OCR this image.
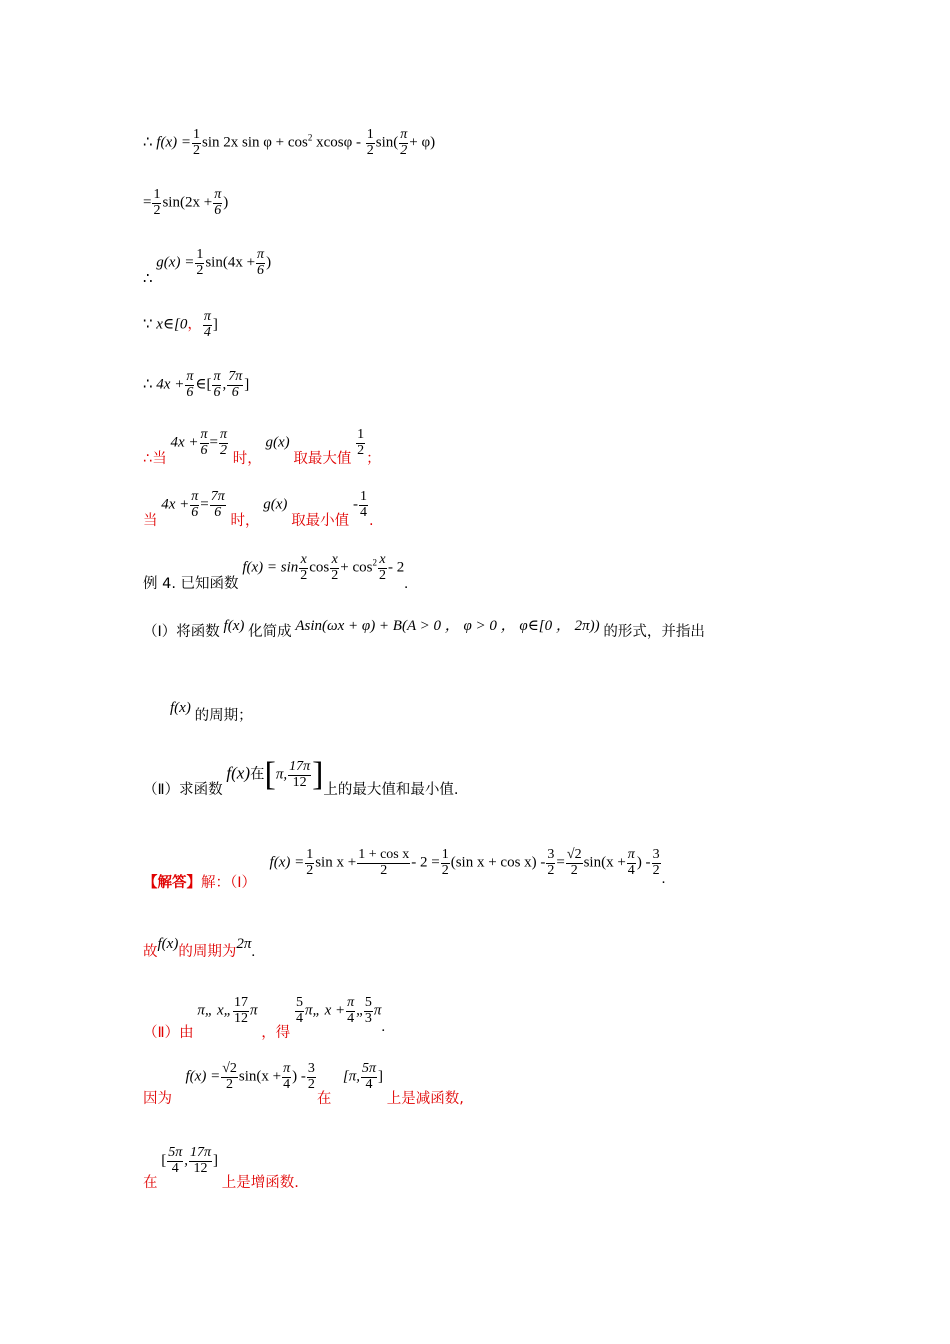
∴ $f(x) = \frac{1}{2}$ sin 2x $\sin \varphi + \cos^2 xcos\varphi - \frac{1}{2} \sin( \frac{\pi}{2} + \varphi)$
= $\frac{1}{2} \sin(2x + \frac{\pi}{6}$ )
∴ $g(x) = \frac{1}{2} \sin(4x + \frac{\pi}{6}$ )
∵ x∈[0， $\frac{\pi}{4}$ ]
∴ $4x + \frac{\pi}{6}$ ∈[ $\frac{\pi}{6}$ , $\frac{7\pi}{6}$ ]
∴当 $4x + \frac{\pi}{6} = \frac{\pi}{2}$
时， g(x) 取最大值
$\frac{1}{2}$
；
当 $4x + \frac{\pi}{6} = \frac{7\pi}{6}$
时， g(x) 取最小值 - $\frac{1}{4}$
.
例 4. 已知函数 $f(x) = \sin \frac{x}{2}$ $\cos \frac{x}{2} + \cos^2 \frac{x}{2} - 2$.
（Ⅰ）将函数 f(x) 化简成 Asin(ωx + φ) + B(A > 0 ， φ > 0 ， φ∈[0 ， 2π)) 的形式，并指出
f(x) 的周期；
（Ⅱ）求函数 f(x)在[π, $\frac{17\pi}{12}$ ]上的最大值和最小值.
【解答】解：（Ⅰ）  $f(x) = \frac{1}{2}$ $\sin x + \frac{\text{1 + cos x}}{2} - 2 = \frac{1}{2} (\sin$ $x + \cos x) - \frac{3}{2} = \frac{√2}{2} \sin(x + \frac{\pi}{4}$ ) - $\frac{3}{2}$
.
故f(x)的周期为2π.
（Ⅱ）由 π„ x„ $\frac{17}{12}$ π ，得
$\frac{5}{4}$ π„ $x + \frac{\pi}{4}$ „ $\frac{5}{3} \pi$.
因为  $f(x) = \frac{√2}{2} \sin(x + \frac{\pi}{4}$ ) - $\frac{3}{2}$
在  [π, $\frac{5\pi}{4}$ ] 上是减函数,
在 [ $\frac{5\pi}{4}$ , $\frac{17\pi}{12}$ ] 上是增函数.
